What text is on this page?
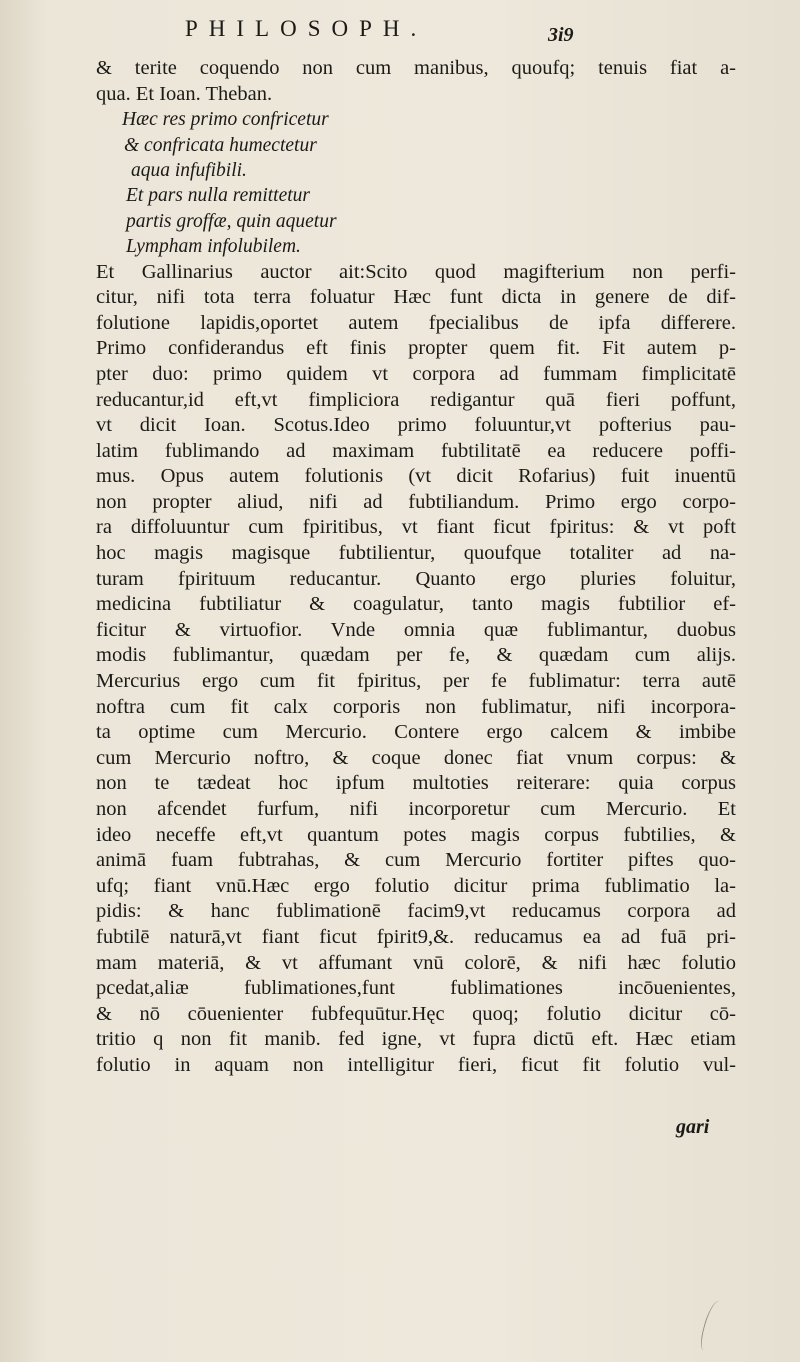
PHILOSOPH.	3i9
& terite coquendo non cum manibus, quoufq; tenuis fiat a-
qua. Et Ioan. Theban.
Hæc res primo confricetur
& confricata humectetur
aqua infufibili.
Et pars nulla remittetur
partis groffæ, quin aquetur
Lympham infolubilem.
Et Gallinarius auctor ait:Scito quod magifterium non perfi-
citur, nifi tota terra foluatur Hæc funt dicta in genere de dif-
folutione lapidis,oportet autem fpecialibus de ipfa differere.
Primo confiderandus eft finis propter quem fit. Fit autem p-
pter duo: primo quidem vt corpora ad fummam fimplicitatē
reducantur,id eft,vt fimpliciora redigantur quā fieri poffunt,
vt dicit Ioan. Scotus.Ideo primo foluuntur,vt pofterius pau-
latim fublimando ad maximam fubtilitatē ea reducere poffi-
mus. Opus autem folutionis (vt dicit Rofarius) fuit inuentū
non propter aliud, nifi ad fubtiliandum. Primo ergo corpo-
ra diffoluuntur cum fpiritibus, vt fiant ficut fpiritus: & vt poft
hoc magis magisque fubtilientur, quoufque totaliter ad na-
turam fpirituum reducantur. Quanto ergo pluries foluitur,
medicina fubtiliatur & coagulatur, tanto magis fubtilior ef-
ficitur & virtuofior. Vnde omnia quæ fublimantur, duobus
modis fublimantur, quædam per fe, & quædam cum alijs.
Mercurius ergo cum fit fpiritus, per fe fublimatur: terra autē
noftra cum fit calx corporis non fublimatur, nifi incorpora-
ta optime cum Mercurio. Contere ergo calcem & imbibe
cum Mercurio noftro, & coque donec fiat vnum corpus: &
non te tædeat hoc ipfum multoties reiterare: quia corpus
non afcendet furfum, nifi incorporetur cum Mercurio. Et
ideo neceffe eft,vt quantum potes magis corpus fubtilies, &
animā fuam fubtrahas, & cum Mercurio fortiter piftes quo-
ufq; fiant vnū.Hæc ergo folutio dicitur prima fublimatio la-
pidis: & hanc fublimationē facim9,vt reducamus corpora ad
fubtilē naturā,vt fiant ficut fpirit9,&. reducamus ea ad fuā pri-
mam materiā, & vt affumant vnū colorē, & nifi hæc folutio
pcedat,aliæ fublimationes,funt fublimationes incōuenientes,
& nō cōuenienter fubfequūtur.Hęc quoq; folutio dicitur cō-
tritio q non fit manib. fed igne, vt fupra dictū eft. Hæc etiam
folutio in aquam non intelligitur fieri, ficut fit folutio vul-
gari
